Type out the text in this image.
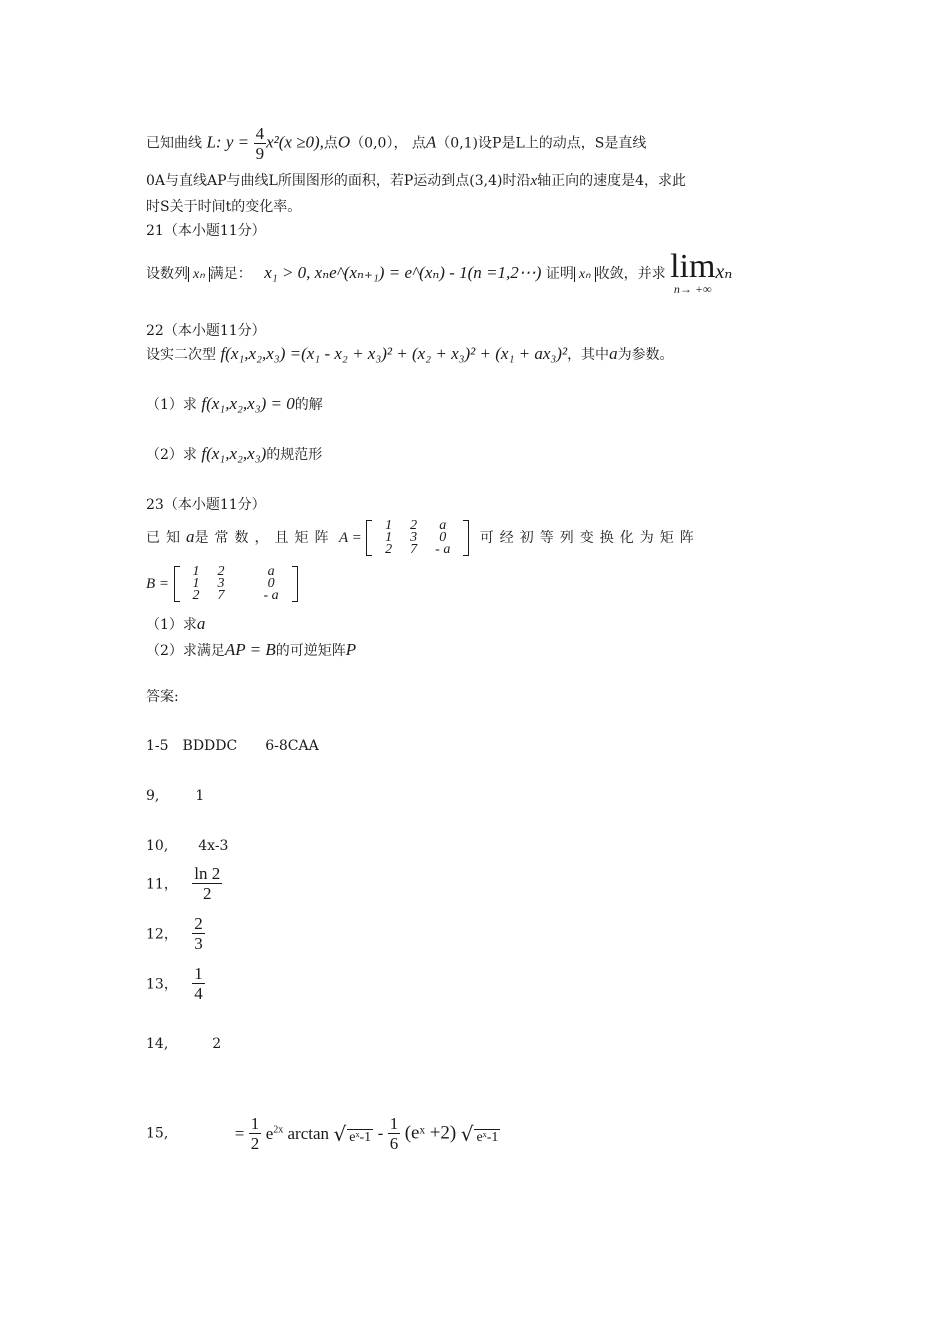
已知曲线 L: $y = \frac{4}{9} x^2(x \ge 0)$,点O（0,0）， 点A（0,1)设P是L上的动点，S是直线
0A与直线AP与曲线L所围图形的面积，若P运动到点(3,4)时沿x轴正向的速度是4，求此
时S关于时间t的变化率。
21（本小题11分）
设数列 xₙ 满足： x₁ > 0, xₙe^(xₙ₊₁) = e^(xₙ) - 1(n =1,2⋯) 证明 xₙ 收敛，并求 lim
n→ +∞
xₙ
22（本小题11分）
设实二次型 f(x₁,x₂,x₃) =(x₁ - x₂ + x₃)² + (x₂ + x₃)² + (x₁ + ax₃)²，其中a为参数。
（1）求 f(x₁,x₂,x₃) = 0的解
（2）求 f(x₁,x₂,x₃)的规范形
23（本小题11分）
已知a是常数，且矩阵 A =
1	2	a
1	3	0
2	7	- a
可经初等列变换化为矩阵
B =
1	2	a
1	3	0
2	7	- a
（1）求a
（2）求满足AP = B的可逆矩阵P
答案:
1-5 BDDDC 6-8CAA
9,	1
10, 4x-3
11， $\frac{\ln 2}{2}$
12， $\frac{2}{3}$
13， $\frac{1}{4}$
14,	2
15,	= $\frac{1}{2} e^{2x}$ arctan √ eˣ-1 - $\frac{1}{6}$ (eˣ +2) √ eˣ-1
